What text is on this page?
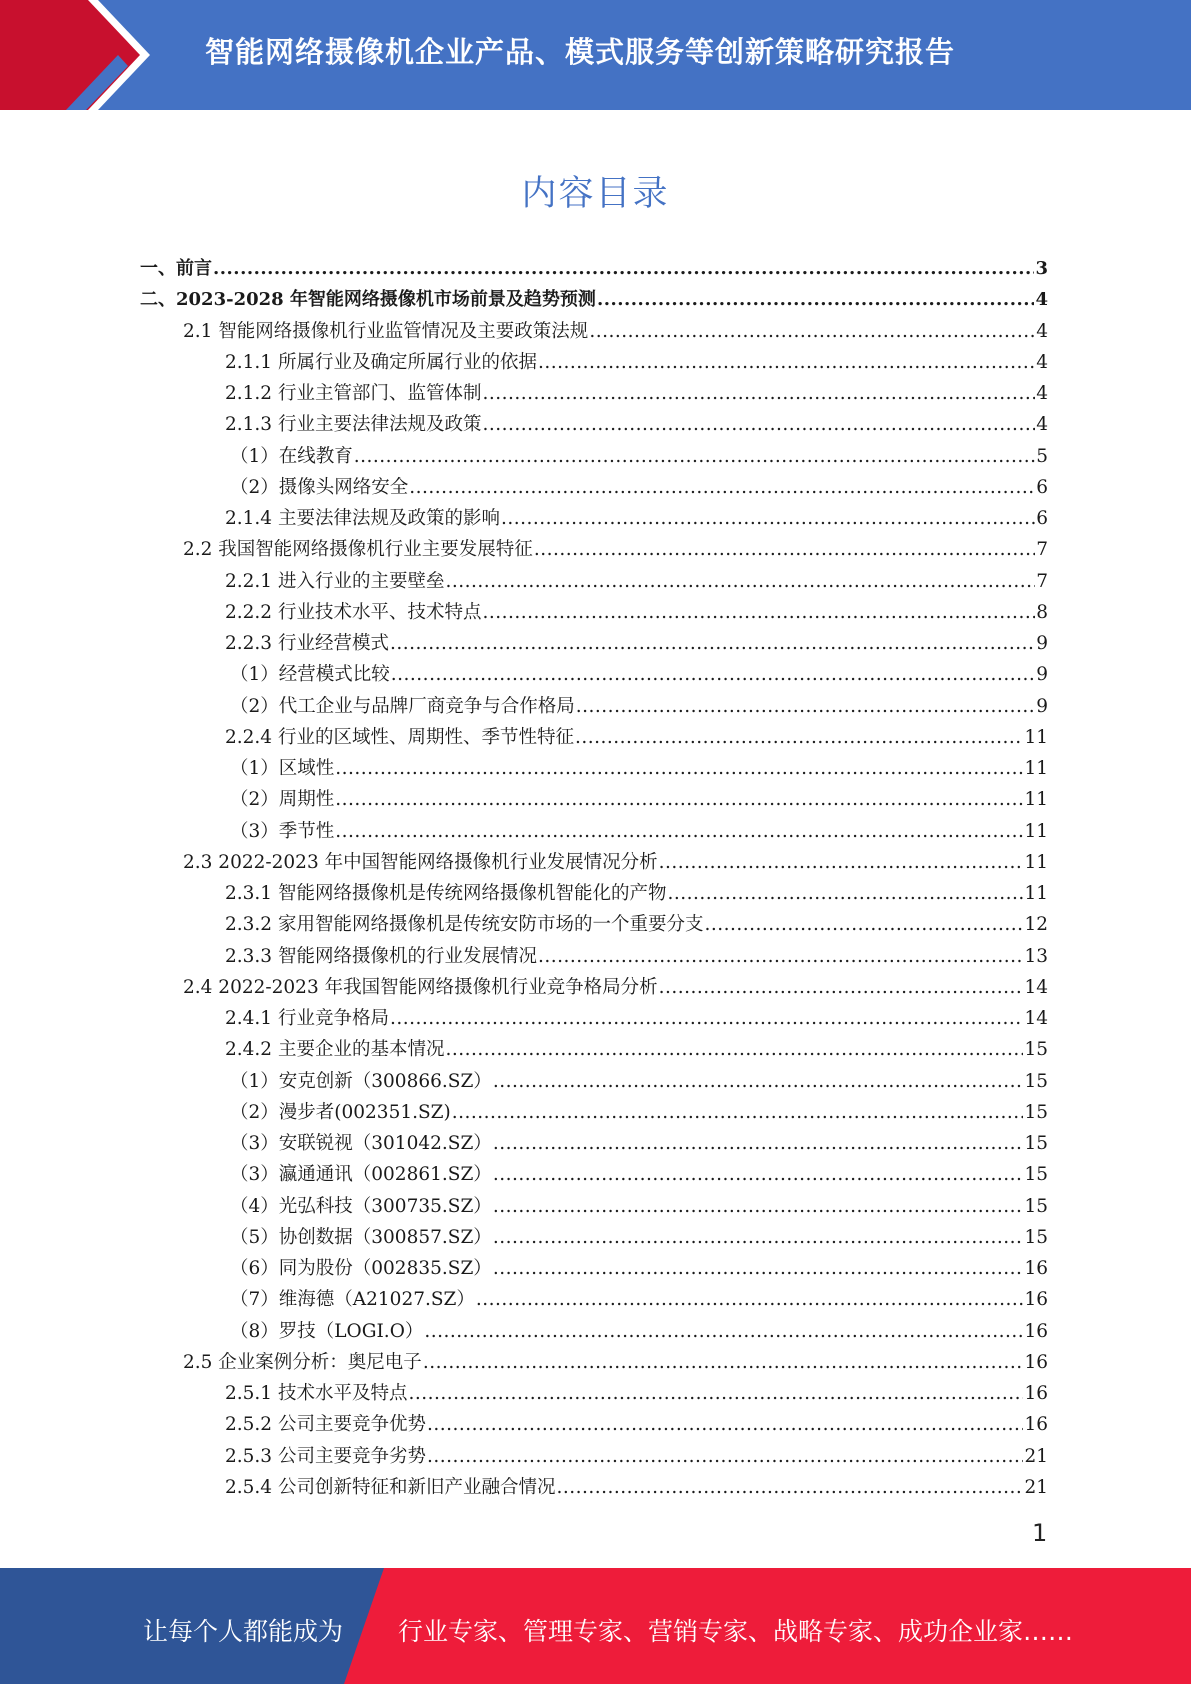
智能网络摄像机企业产品、模式服务等创新策略研究报告
内容目录
一、前言 .....	3
二、2023-2028 年智能网络摄像机市场前景及趋势预测 .....	4
2.1 智能网络摄像机行业监管情况及主要政策法规 .....	4
2.1.1 所属行业及确定所属行业的依据 .....	4
2.1.2 行业主管部门、监管体制 .....	4
2.1.3 行业主要法律法规及政策 .....	4
（1）在线教育 .....	5
（2）摄像头网络安全 .....	6
2.1.4 主要法律法规及政策的影响 .....	6
2.2 我国智能网络摄像机行业主要发展特征 .....	7
2.2.1 进入行业的主要壁垒 .....	7
2.2.2 行业技术水平、技术特点 .....	8
2.2.3 行业经营模式 .....	9
（1）经营模式比较 .....	9
（2）代工企业与品牌厂商竞争与合作格局 .....	9
2.2.4 行业的区域性、周期性、季节性特征 .....	11
（1）区域性 .....	11
（2）周期性 .....	11
（3）季节性 .....	11
2.3 2022-2023 年中国智能网络摄像机行业发展情况分析 .....	11
2.3.1 智能网络摄像机是传统网络摄像机智能化的产物 .....	11
2.3.2 家用智能网络摄像机是传统安防市场的一个重要分支 .....	12
2.3.3 智能网络摄像机的行业发展情况 .....	13
2.4 2022-2023 年我国智能网络摄像机行业竞争格局分析 .....	14
2.4.1 行业竞争格局 .....	14
2.4.2 主要企业的基本情况 .....	15
（1）安克创新（300866.SZ） .....	15
（2）漫步者(002351.SZ) .....	15
（3）安联锐视（301042.SZ） .....	15
（3）瀛通通讯（002861.SZ） .....	15
（4）光弘科技（300735.SZ） .....	15
（5）协创数据（300857.SZ） .....	15
（6）同为股份（002835.SZ） .....	16
（7）维海德（A21027.SZ） .....	16
（8）罗技（LOGI.O） .....	16
2.5 企业案例分析：奥尼电子 .....	16
2.5.1 技术水平及特点 .....	16
2.5.2 公司主要竞争优势 .....	16
2.5.3 公司主要竞争劣势 .....	21
2.5.4 公司创新特征和新旧产业融合情况 .....	21
1
让每个人都能成为 行业专家、管理专家、营销专家、战略专家、成功企业家……
